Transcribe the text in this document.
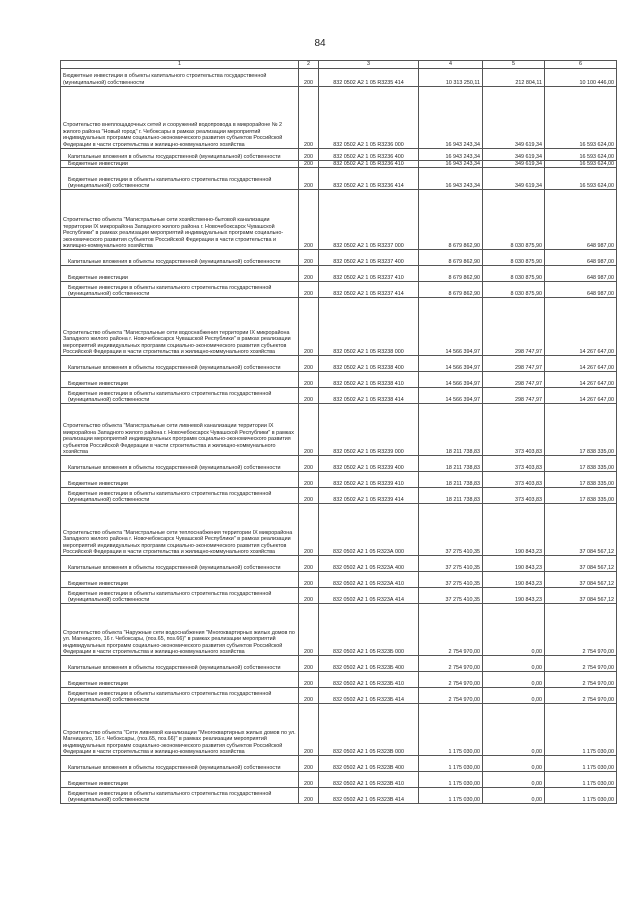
84
1	2	3	4	5	6
Бюджетные инвестиции в объекты капитального строительства государственной (муниципальной) собственности	200	832 0502 А2 1 05 R3235 414	10 313 250,11	212 804,11	10 100 446,00
Строительство внеплощадочных сетей и сооружений водопровода в микрорайоне № 2 жилого района "Новый город" г. Чебоксары в рамках реализации мероприятий индивидуальных программ социально-экономического развития субъектов Российской Федерации в части строительства и жилищно-коммунального хозяйства	200	832 0502 А2 1 05 R3236 000	16 943 243,34	349 619,34	16 593 624,00
Капитальные вложения в объекты государственной (муниципальной) собственности	200	832 0502 А2 1 05 R3236 400	16 943 243,34	349 619,34	16 593 624,00
Бюджетные инвестиции	200	832 0502 А2 1 05 R3236 410	16 943 243,34	349 619,34	16 593 624,00
Бюджетные инвестиции в объекты капитального строительства государственной (муниципальной) собственности	200	832 0502 А2 1 05 R3236 414	16 943 243,34	349 619,34	16 593 624,00
Строительство объекта "Магистральные сети хозяйственно-бытовой канализации территории IX микрорайона Западного жилого района г. Новочебоксарск Чувашской Республики" в рамках реализации мероприятий индивидуальных программ социально-экономического развития субъектов Российской Федерации в части строительства и жилищно-коммунального хозяйства	200	832 0502 А2 1 05 R3237 000	8 679 862,90	8 030 875,90	648 987,00
Капитальные вложения в объекты государственной (муниципальной) собственности	200	832 0502 А2 1 05 R3237 400	8 679 862,90	8 030 875,90	648 987,00
Бюджетные инвестиции	200	832 0502 А2 1 05 R3237 410	8 679 862,90	8 030 875,90	648 987,00
Бюджетные инвестиции в объекты капитального строительства государственной (муниципальной) собственности	200	832 0502 А2 1 05 R3237 414	8 679 862,90	8 030 875,90	648 987,00
Строительство объекта "Магистральные сети водоснабжения территории IX микрорайона Западного жилого района г. Новочебоксарск Чувашской Республики" в рамках реализации мероприятий индивидуальных программ социально-экономического развития субъектов Российской Федерации в части строительства и жилищно-коммунального хозяйства	200	832 0502 А2 1 05 R3238 000	14 566 394,97	298 747,97	14 267 647,00
Капитальные вложения в объекты государственной (муниципальной) собственности	200	832 0502 А2 1 05 R3238 400	14 566 394,97	298 747,97	14 267 647,00
Бюджетные инвестиции	200	832 0502 А2 1 05 R3238 410	14 566 394,97	298 747,97	14 267 647,00
Бюджетные инвестиции в объекты капитального строительства государственной (муниципальной) собственности	200	832 0502 А2 1 05 R3238 414	14 566 394,97	298 747,97	14 267 647,00
Строительство объекта "Магистральные сети ливневой канализации территории IX микрорайона Западного жилого района г. Новочебоксарск Чувашской Республики" в рамках реализации мероприятий индивидуальных программ социально-экономического развития субъектов Российской Федерации в части строительства и жилищно-коммунального хозяйства	200	832 0502 А2 1 05 R3239 000	18 211 738,83	373 403,83	17 838 335,00
Капитальные вложения в объекты государственной (муниципальной) собственности	200	832 0502 А2 1 05 R3239 400	18 211 738,83	373 403,83	17 838 335,00
Бюджетные инвестиции	200	832 0502 А2 1 05 R3239 410	18 211 738,83	373 403,83	17 838 335,00
Бюджетные инвестиции в объекты капитального строительства государственной (муниципальной) собственности	200	832 0502 А2 1 05 R3239 414	18 211 738,83	373 403,83	17 838 335,00
Строительство объекта "Магистральные сети теплоснабжения территории IX микрорайона Западного жилого района г. Новочебоксарск Чувашской Республики" в рамках реализации мероприятий индивидуальных программ социально-экономического развития субъектов Российской Федерации в части строительства и жилищно-коммунального хозяйства	200	832 0502 А2 1 05 R323А 000	37 275 410,35	190 843,23	37 084 567,12
Капитальные вложения в объекты государственной (муниципальной) собственности	200	832 0502 А2 1 05 R323А 400	37 275 410,35	190 843,23	37 084 567,12
Бюджетные инвестиции	200	832 0502 А2 1 05 R323А 410	37 275 410,35	190 843,23	37 084 567,12
Бюджетные инвестиции в объекты капитального строительства государственной (муниципальной) собственности	200	832 0502 А2 1 05 R323А 414	37 275 410,35	190 843,23	37 084 567,12
Строительство объекта "Наружные сети водоснабжения "Многоквартирных жилых домов по ул. Магницкого, 16 г. Чебоксары, (поз.65, поз.66)" в рамках реализации мероприятий индивидуальных программ социально-экономического развития субъектов Российской Федерации в части строительства и жилищно-коммунального хозяйства	200	832 0502 А2 1 05 R323Б 000	2 754 970,00	0,00	2 754 970,00
Капитальные вложения в объекты государственной (муниципальной) собственности	200	832 0502 А2 1 05 R323Б 400	2 754 970,00	0,00	2 754 970,00
Бюджетные инвестиции	200	832 0502 А2 1 05 R323Б 410	2 754 970,00	0,00	2 754 970,00
Бюджетные инвестиции в объекты капитального строительства государственной (муниципальной) собственности	200	832 0502 А2 1 05 R323Б 414	2 754 970,00	0,00	2 754 970,00
Строительство объекта "Сети ливневой канализации "Многоквартирных жилых домов по ул. Магницкого, 16 г. Чебоксары, (поз.65, поз.66)" в рамках реализации мероприятий индивидуальных программ социально-экономического развития субъектов Российской Федерации в части строительства и жилищно-коммунального хозяйства	200	832 0502 А2 1 05 R323В 000	1 175 030,00	0,00	1 175 030,00
Капитальные вложения в объекты государственной (муниципальной) собственности	200	832 0502 А2 1 05 R323В 400	1 175 030,00	0,00	1 175 030,00
Бюджетные инвестиции	200	832 0502 А2 1 05 R323В 410	1 175 030,00	0,00	1 175 030,00
Бюджетные инвестиции в объекты капитального строительства государственной (муниципальной) собственности	200	832 0502 А2 1 05 R323В 414	1 175 030,00	0,00	1 175 030,00
